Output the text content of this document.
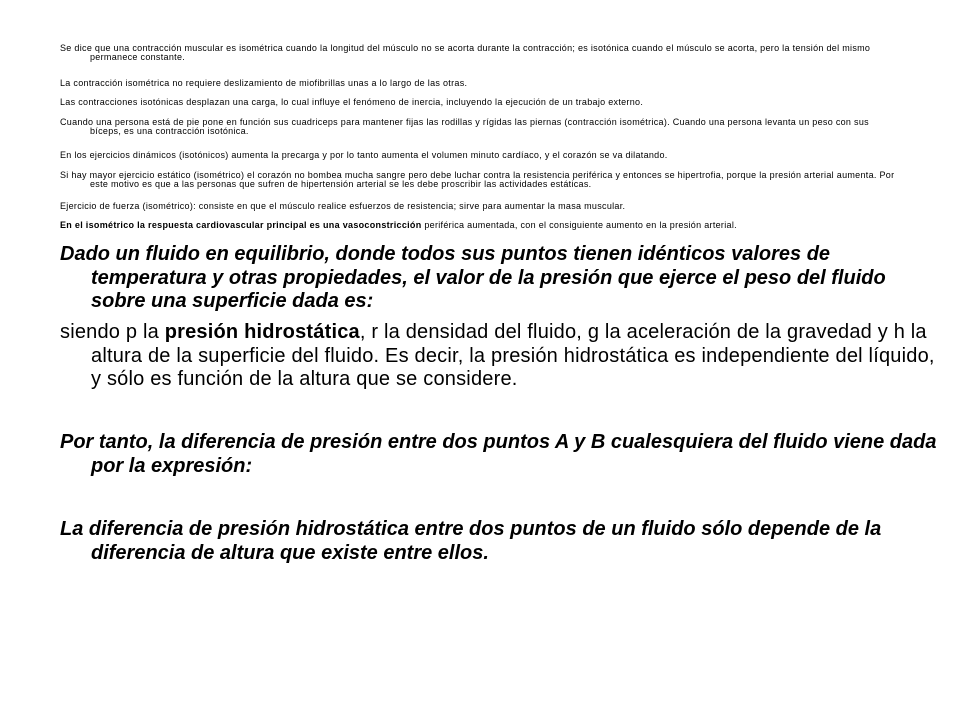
Se dice que una contracción muscular es isométrica cuando la longitud del músculo no se acorta durante la contracción; es isotónica cuando el músculo se acorta, pero la tensión del mismo permanece constante.

La contracción isométrica no requiere deslizamiento de miofibrillas unas a lo largo de las otras.

Las contracciones isotónicas desplazan una carga, lo cual influye el fenómeno de inercia, incluyendo la ejecución de un trabajo externo.

Cuando una persona está de pie pone en función sus cuadriceps para mantener fijas las rodillas y rígidas las piernas (contracción isométrica). Cuando una persona levanta un peso con sus bíceps, es una contracción isotónica.

En los ejercicios dinámicos (isotónicos) aumenta la precarga y por lo tanto aumenta el volumen minuto cardíaco, y el corazón se va dilatando.

Si hay mayor ejercicio estático (isométrico) el corazón no bombea mucha sangre pero debe luchar contra la resistencia periférica y entonces se hipertrofia, porque la presión arterial aumenta. Por este motivo es que a las personas que sufren de hipertensión arterial se les debe proscribir las actividades estáticas.

Ejercicio de fuerza (isométrico): consiste en que el músculo realice esfuerzos de resistencia; sirve para aumentar la masa muscular.

En el isométrico la respuesta cardiovascular principal es una vasoconstricción periférica aumentada, con el consiguiente aumento en la presión arterial.

Dado un fluido en equilibrio, donde todos sus puntos tienen idénticos valores de temperatura y otras propiedades, el valor de la presión que ejerce el peso del fluido sobre una superficie dada es:

siendo p la presión hidrostática, r la densidad del fluido, g la aceleración de la gravedad y h la altura de la superficie del fluido. Es decir, la presión hidrostática es independiente del líquido, y sólo es función de la altura que se considere.

Por tanto, la diferencia de presión entre dos puntos A y B cualesquiera del fluido viene dada por la expresión:

La diferencia de presión hidrostática entre dos puntos de un fluido sólo depende de la diferencia de altura que existe entre ellos.
